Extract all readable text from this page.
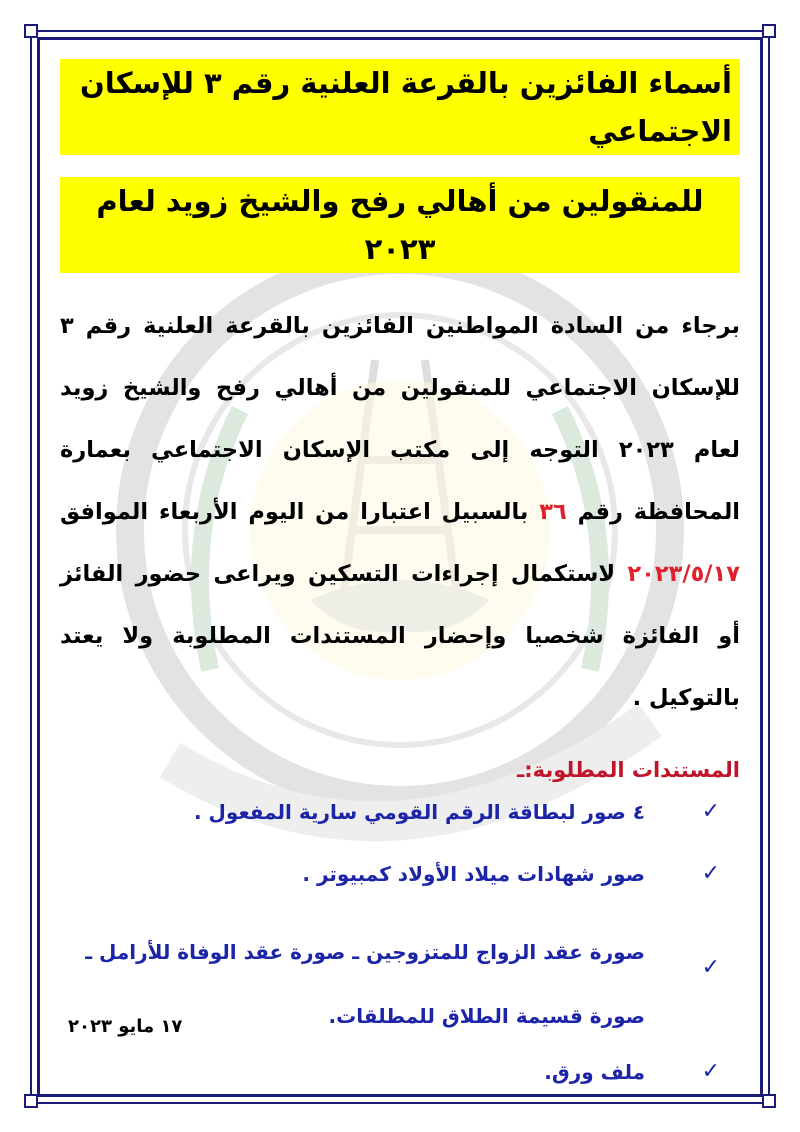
أسماء الفائزين بالقرعة العلنية رقم ٣ للإسكان الاجتماعي
للمنقولين من أهالي رفح والشيخ زويد لعام ٢٠٢٣

برجاء من السادة المواطنين الفائزين بالقرعة العلنية رقم ٣ للإسكان الاجتماعي للمنقولين من أهالي رفح والشيخ زويد لعام ٢٠٢٣ التوجه إلى مكتب الإسكان الاجتماعي بعمارة المحافظة رقم ٣٦ بالسبيل اعتبارا من اليوم الأربعاء الموافق ٢٠٢٣/٥/١٧ لاستكمال إجراءات التسكين ويراعى حضور الفائز أو الفائزة شخصيا وإحضار المستندات المطلوبة ولا يعتد بالتوكيل .

المستندات المطلوبة:ـ
✓
٤ صور لبطاقة الرقم القومي سارية المفعول .
✓
صور شهادات ميلاد الأولاد كمبيوتر .
✓
صورة عقد الزواج للمتزوجين ـ صورة عقد الوفاة للأرامل ـ صورة قسيمة الطلاق للمطلقات.
✓
ملف ورق.
١٧ مايو ٢٠٢٣
